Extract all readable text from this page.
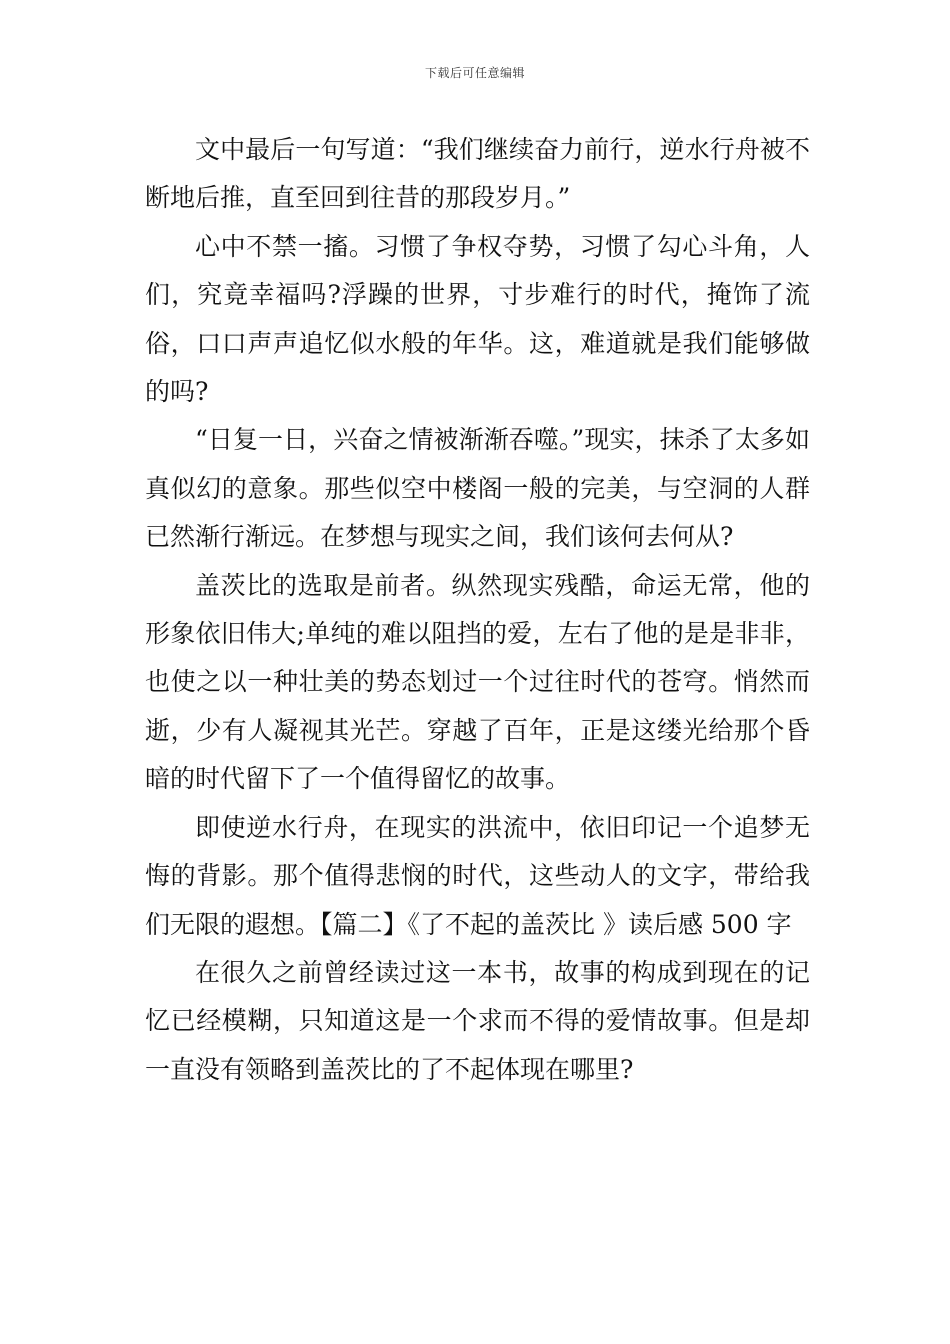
下载后可任意编辑

文中最后一句写道：“我们继续奋力前行，逆水行舟被不断地后推，直至回到往昔的那段岁月。”

心中不禁一搐。习惯了争权夺势，习惯了勾心斗角，人们，究竟幸福吗?浮躁的世界，寸步难行的时代，掩饰了流俗，口口声声追忆似水般的年华。这，难道就是我们能够做的吗?

“日复一日，兴奋之情被渐渐吞噬。”现实，抹杀了太多如真似幻的意象。那些似空中楼阁一般的完美，与空洞的人群已然渐行渐远。在梦想与现实之间，我们该何去何从?

盖茨比的选取是前者。纵然现实残酷，命运无常，他的形象依旧伟大;单纯的难以阻挡的爱，左右了他的是是非非，也使之以一种壮美的势态划过一个过往时代的苍穹。悄然而逝，少有人凝视其光芒。穿越了百年，正是这缕光给那个昏暗的时代留下了一个值得留忆的故事。

即使逆水行舟，在现实的洪流中，依旧印记一个追梦无悔的背影。那个值得悲悯的时代，这些动人的文字，带给我们无限的遐想。【篇二】《了不起的盖茨比 》读后感 500 字

在很久之前曾经读过这一本书，故事的构成到现在的记忆已经模糊，只知道这是一个求而不得的爱情故事。但是却一直没有领略到盖茨比的了不起体现在哪里?
